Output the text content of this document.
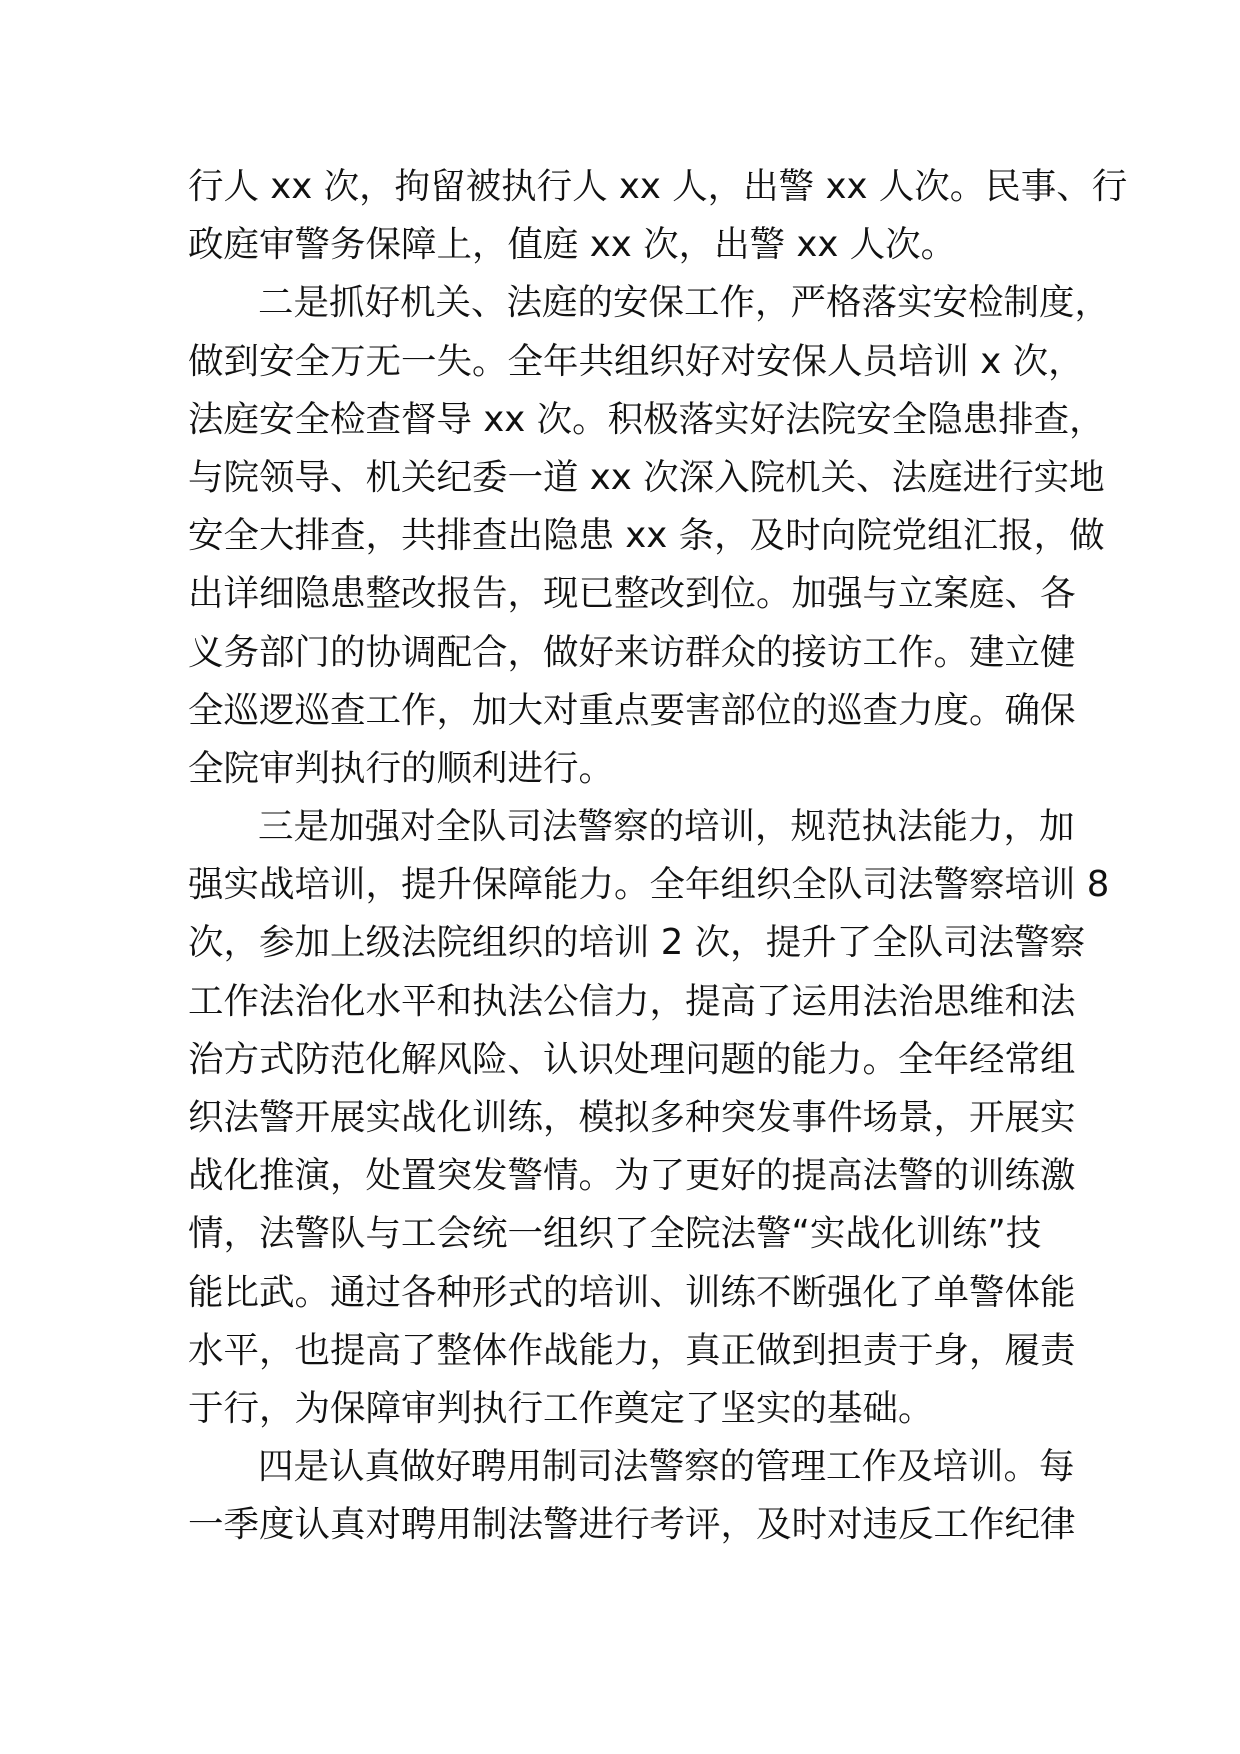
行人 xx 次，拘留被执行人 xx 人，出警 xx 人次。民事、行
政庭审警务保障上，值庭 xx 次，出警 xx 人次。
二是抓好机关、法庭的安保工作，严格落实安检制度，
做到安全万无一失。全年共组织好对安保人员培训 x 次，
法庭安全检查督导 xx 次。积极落实好法院安全隐患排查，
与院领导、机关纪委一道 xx 次深入院机关、法庭进行实地
安全大排查，共排查出隐患 xx 条，及时向院党组汇报，做
出详细隐患整改报告，现已整改到位。加强与立案庭、各
义务部门的协调配合，做好来访群众的接访工作。建立健
全巡逻巡查工作，加大对重点要害部位的巡查力度。确保
全院审判执行的顺利进行。
三是加强对全队司法警察的培训，规范执法能力，加
强实战培训，提升保障能力。全年组织全队司法警察培训 8
次，参加上级法院组织的培训 2 次，提升了全队司法警察
工作法治化水平和执法公信力，提高了运用法治思维和法
治方式防范化解风险、认识处理问题的能力。全年经常组
织法警开展实战化训练，模拟多种突发事件场景，开展实
战化推演，处置突发警情。为了更好的提高法警的训练激
情，法警队与工会统一组织了全院法警“实战化训练”技
能比武。通过各种形式的培训、训练不断强化了单警体能
水平，也提高了整体作战能力，真正做到担责于身，履责
于行，为保障审判执行工作奠定了坚实的基础。
四是认真做好聘用制司法警察的管理工作及培训。每
一季度认真对聘用制法警进行考评，及时对违反工作纪律
